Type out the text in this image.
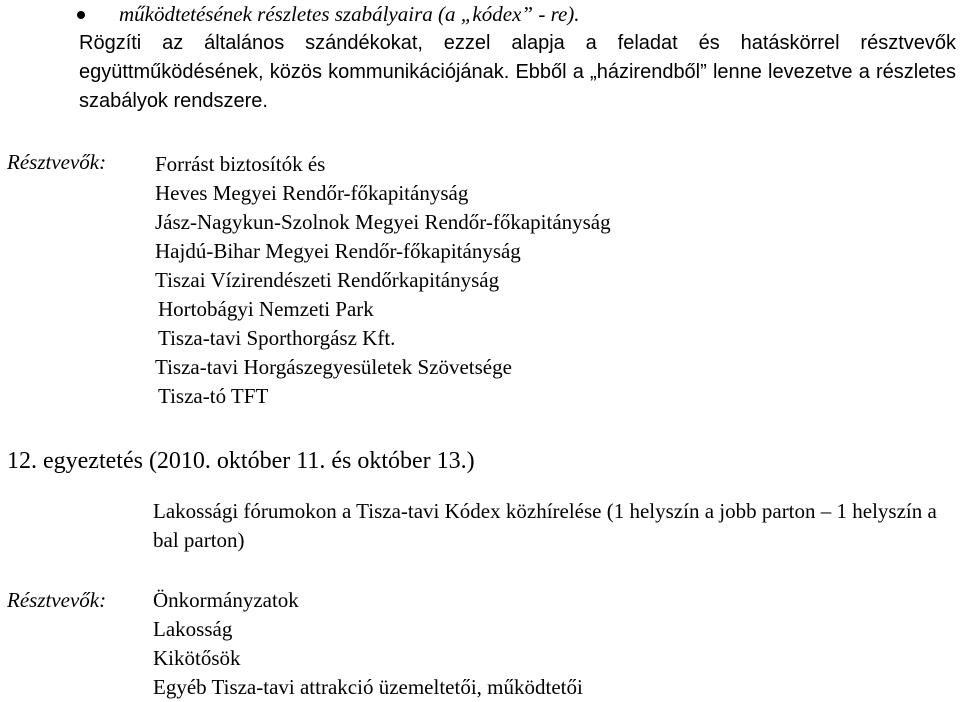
működtetésének részletes szabályaira (a „kódex” - re).
Rögzíti az általános szándékokat, ezzel alapja a feladat és hatáskörrel résztvevők együttműködésének, közös kommunikációjának. Ebből a „házirendből” lenne levezetve a részletes szabályok rendszere.
Résztvevők: Forrást biztosítók és
Heves Megyei Rendőr-főkapitányság
Jász-Nagykun-Szolnok Megyei Rendőr-főkapitányság
Hajdú-Bihar Megyei Rendőr-főkapitányság
Tiszai Vízirendészeti Rendőrkapitányság
Hortobágyi Nemzeti Park
Tisza-tavi Sporthorgász Kft.
Tisza-tavi Horgászegyesületek Szövetsége
Tisza-tó TFT
12. egyeztetés (2010. október 11. és október 13.)
Lakossági fórumokon a Tisza-tavi Kódex közhírelése (1 helyszín a jobb parton – 1 helyszín a bal parton)
Résztvevők: Önkormányzatok
Lakosság
Kikötősök
Egyéb Tisza-tavi attrakció üzemeltetői, működtetői
